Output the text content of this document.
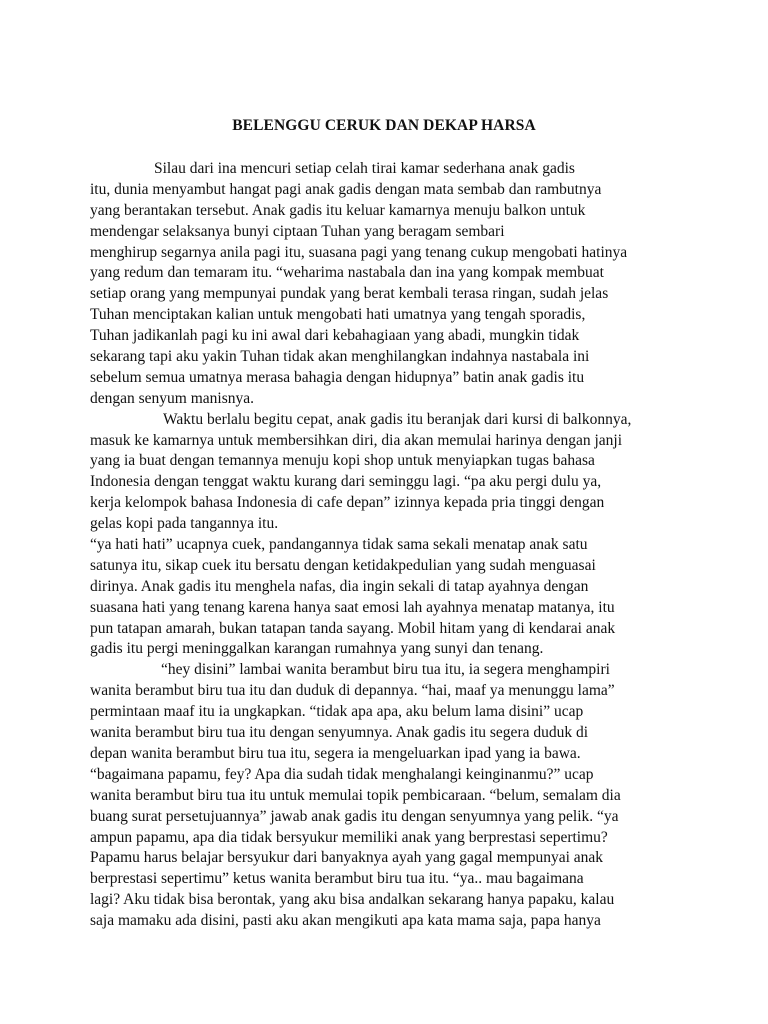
BELENGGU CERUK DAN DEKAP HARSA
Silau dari ina mencuri setiap celah tirai kamar sederhana anak gadis
itu, dunia menyambut hangat pagi anak gadis dengan mata sembab dan rambutnya
yang berantakan tersebut. Anak gadis itu keluar kamarnya menuju balkon untuk
mendengar selaksanya bunyi ciptaan Tuhan yang beragam sembari
menghirup segarnya anila pagi itu, suasana pagi yang tenang cukup mengobati hatinya
yang redum dan temaram itu. “weharima nastabala dan ina yang kompak membuat
setiap orang yang mempunyai pundak yang berat kembali terasa ringan, sudah jelas
Tuhan menciptakan kalian untuk mengobati hati umatnya yang tengah sporadis,
Tuhan jadikanlah pagi ku ini awal dari kebahagiaan yang abadi, mungkin tidak
sekarang tapi aku yakin Tuhan tidak akan menghilangkan indahnya nastabala ini
sebelum semua umatnya merasa bahagia dengan hidupnya” batin anak gadis itu
dengan senyum manisnya.
Waktu berlalu begitu cepat, anak gadis itu beranjak dari kursi di balkonnya,
masuk ke kamarnya untuk membersihkan diri, dia akan memulai harinya dengan janji
yang ia buat dengan temannya menuju kopi shop untuk menyiapkan tugas bahasa
Indonesia dengan tenggat waktu kurang dari seminggu lagi. “pa aku pergi dulu ya,
kerja kelompok bahasa Indonesia di cafe depan” izinnya kepada pria tinggi dengan
gelas kopi pada tangannya itu.
“ya hati hati” ucapnya cuek, pandangannya tidak sama sekali menatap anak satu
satunya itu, sikap cuek itu bersatu dengan ketidakpedulian yang sudah menguasai
dirinya. Anak gadis itu menghela nafas, dia ingin sekali di tatap ayahnya dengan
suasana hati yang tenang karena hanya saat emosi lah ayahnya menatap matanya, itu
pun tatapan amarah, bukan tatapan tanda sayang. Mobil hitam yang di kendarai anak
gadis itu pergi meninggalkan karangan rumahnya yang sunyi dan tenang.
“hey disini” lambai wanita berambut biru tua itu, ia segera menghampiri
wanita berambut biru tua itu dan duduk di depannya. “hai, maaf ya menunggu lama”
permintaan maaf itu ia ungkapkan. “tidak apa apa, aku belum lama disini” ucap
wanita berambut biru tua itu dengan senyumnya. Anak gadis itu segera duduk di
depan wanita berambut biru tua itu, segera ia mengeluarkan ipad yang ia bawa.
“bagaimana papamu, fey? Apa dia sudah tidak menghalangi keinginanmu?” ucap
wanita berambut biru tua itu untuk memulai topik pembicaraan. “belum, semalam dia
buang surat persetujuannya” jawab anak gadis itu dengan senyumnya yang pelik. “ya
ampun papamu, apa dia tidak bersyukur memiliki anak yang berprestasi sepertimu?
Papamu harus belajar bersyukur dari banyaknya ayah yang gagal mempunyai anak
berprestasi sepertimu” ketus wanita berambut biru tua itu. “ya.. mau bagaimana
lagi? Aku tidak bisa berontak, yang aku bisa andalkan sekarang hanya papaku, kalau
saja mamaku ada disini, pasti aku akan mengikuti apa kata mama saja, papa hanya
